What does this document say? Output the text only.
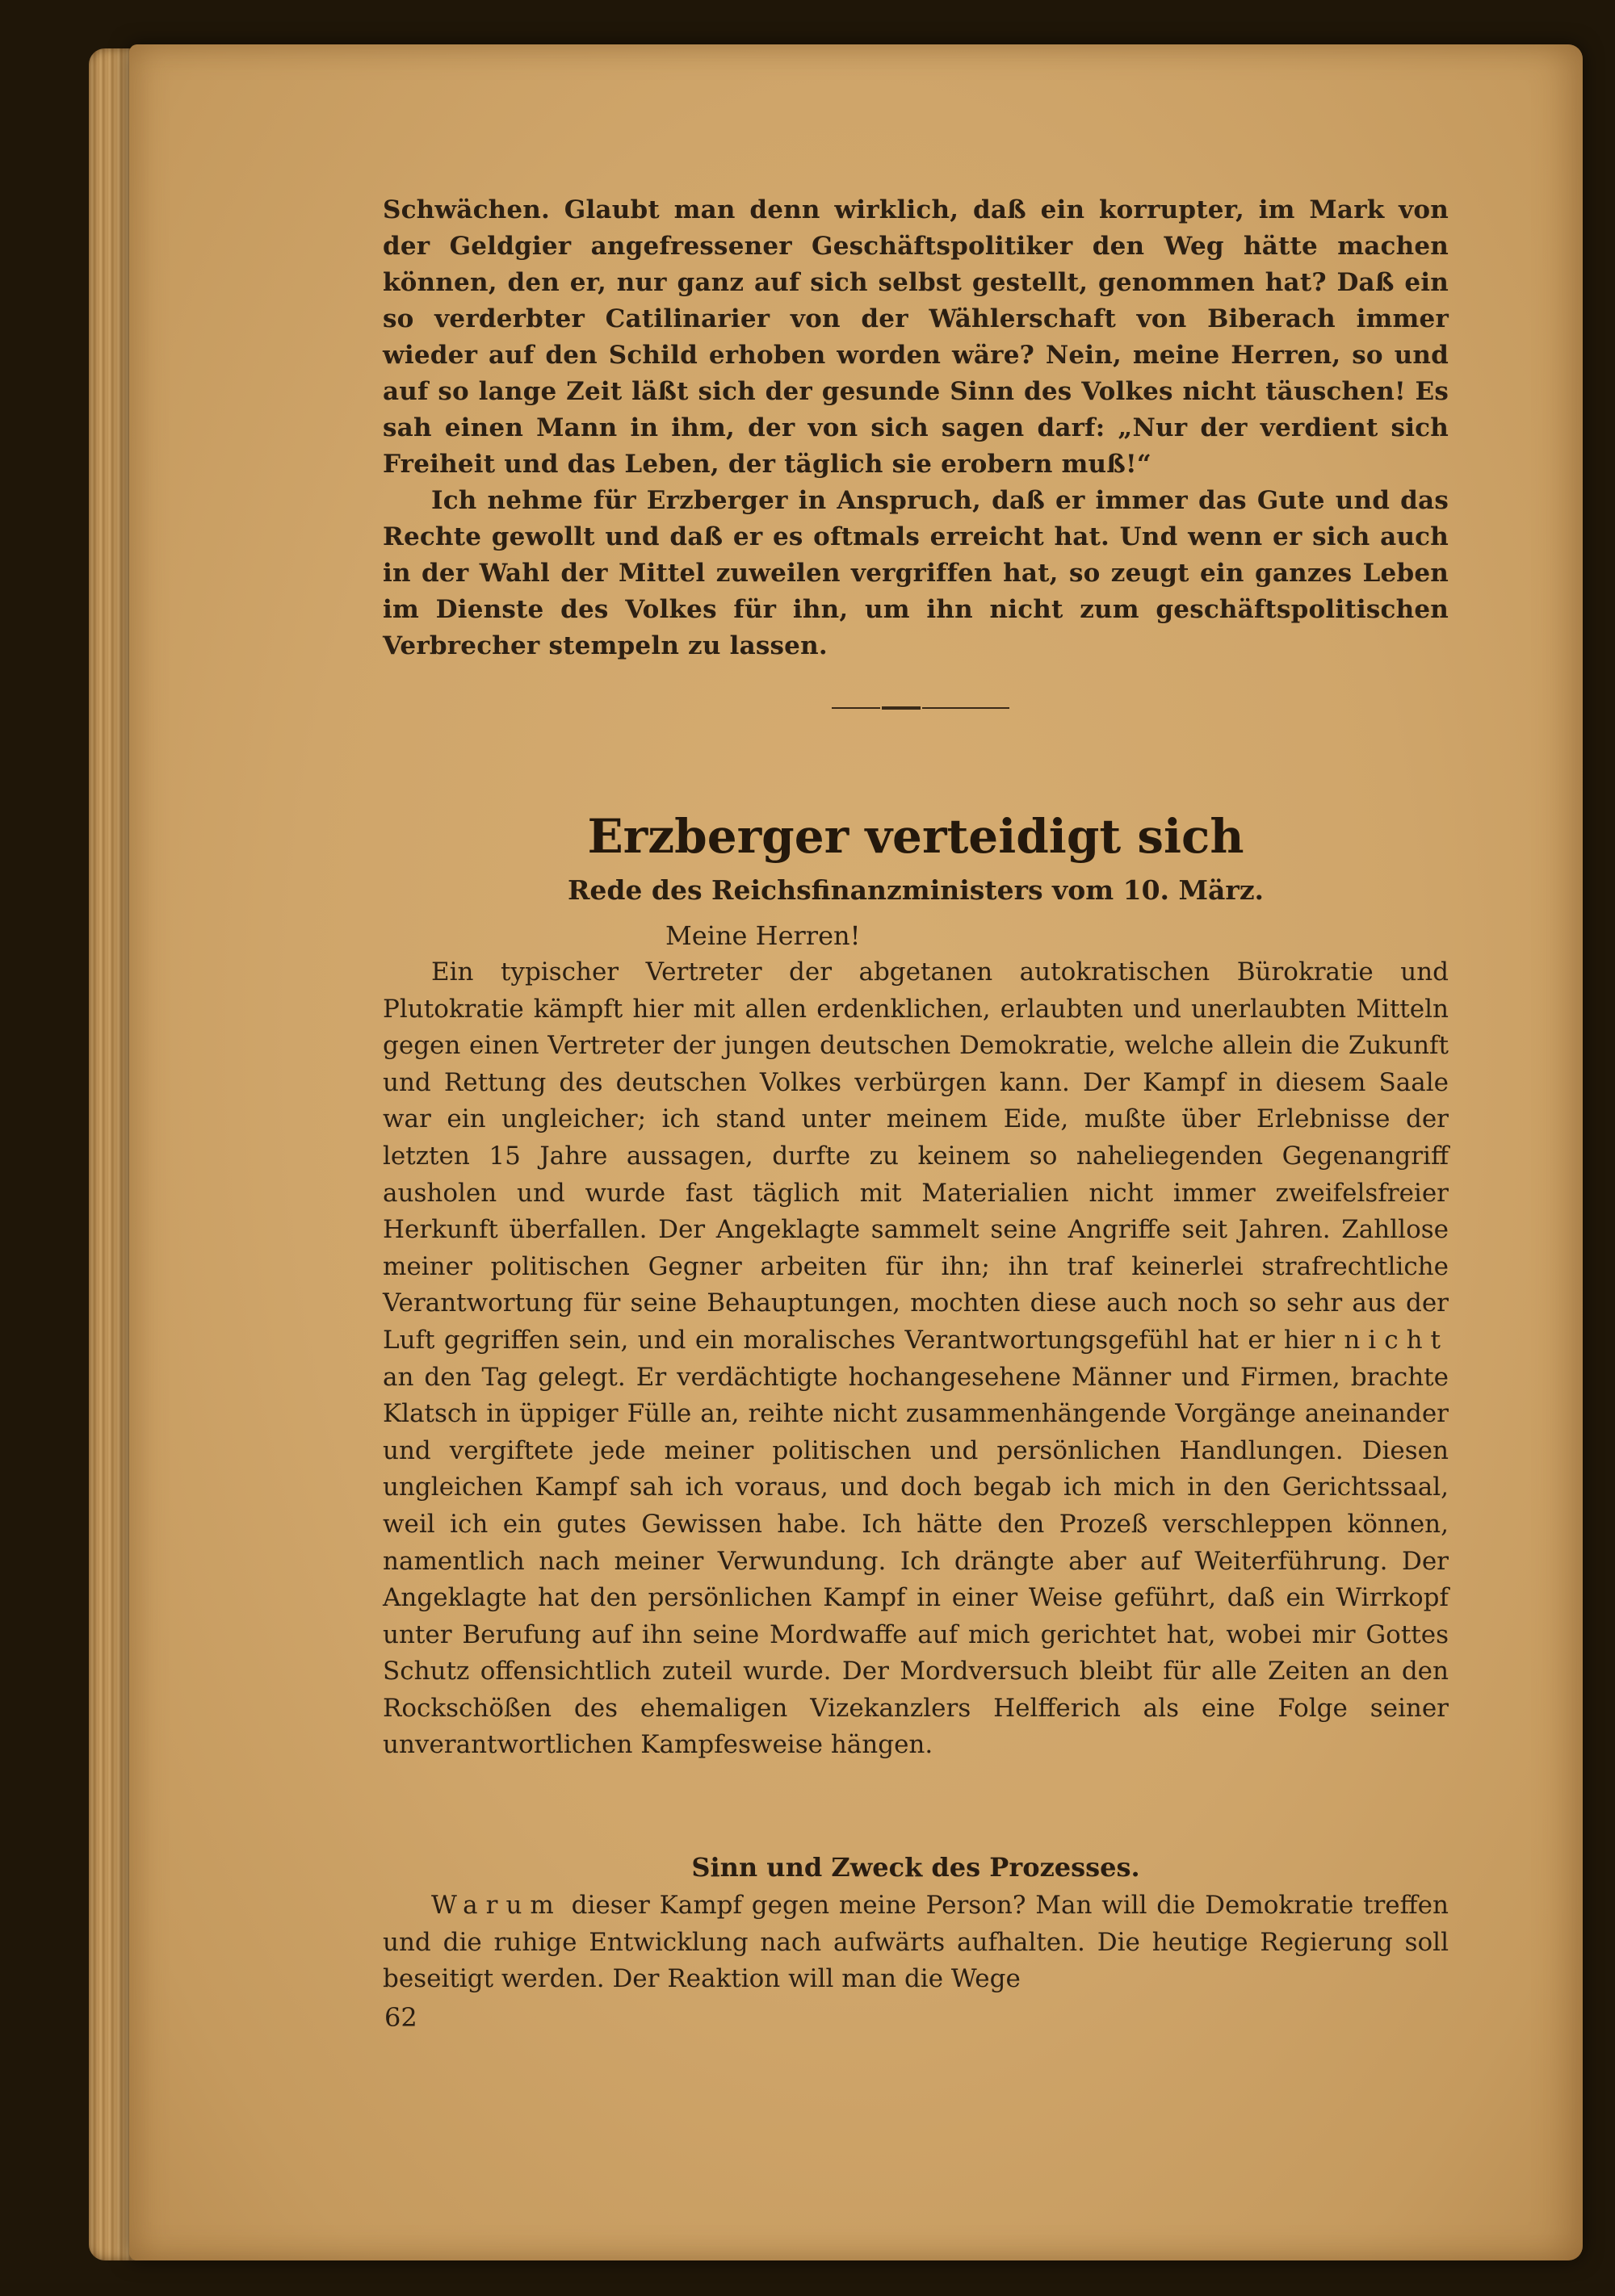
Schwächen. Glaubt man denn wirklich, daß ein korrupter, im Mark von der Geldgier angefressener Geschäftspolitiker den Weg hätte machen können, den er, nur ganz auf sich selbst gestellt, genommen hat? Daß ein so verderbter Catilinarier von der Wählerschaft von Biberach immer wieder auf den Schild erhoben worden wäre? Nein, meine Herren, so und auf so lange Zeit läßt sich der gesunde Sinn des Volkes nicht täuschen! Es sah einen Mann in ihm, der von sich sagen darf: „Nur der verdient sich Freiheit und das Leben, der täglich sie erobern muß!“

Ich nehme für Erzberger in Anspruch, daß er immer das Gute und das Rechte gewollt und daß er es oftmals erreicht hat. Und wenn er sich auch in der Wahl der Mittel zuweilen vergriffen hat, so zeugt ein ganzes Leben im Dienste des Volkes für ihn, um ihn nicht zum geschäftspolitischen Verbrecher stempeln zu lassen.

Erzberger verteidigt sich
Rede des Reichsfinanzministers vom 10. März.
Meine Herren!

Ein typischer Vertreter der abgetanen autokratischen Bürokratie und Plutokratie kämpft hier mit allen erdenklichen, erlaubten und unerlaubten Mitteln gegen einen Vertreter der jungen deutschen Demokratie, welche allein die Zukunft und Rettung des deutschen Volkes verbürgen kann. Der Kampf in diesem Saale war ein ungleicher; ich stand unter meinem Eide, mußte über Erlebnisse der letzten 15 Jahre aussagen, durfte zu keinem so naheliegenden Gegenangriff ausholen und wurde fast täglich mit Materialien nicht immer zweifelsfreier Herkunft überfallen. Der Angeklagte sammelt seine Angriffe seit Jahren. Zahllose meiner politischen Gegner arbeiten für ihn; ihn traf keinerlei strafrechtliche Verantwortung für seine Behauptungen, mochten diese auch noch so sehr aus der Luft gegriffen sein, und ein moralisches Verantwortungsgefühl hat er hier nicht an den Tag gelegt. Er verdächtigte hochangesehene Männer und Firmen, brachte Klatsch in üppiger Fülle an, reihte nicht zusammenhängende Vorgänge aneinander und vergiftete jede meiner politischen und persönlichen Handlungen. Diesen ungleichen Kampf sah ich voraus, und doch begab ich mich in den Gerichtssaal, weil ich ein gutes Gewissen habe. Ich hätte den Prozeß verschleppen können, namentlich nach meiner Verwundung. Ich drängte aber auf Weiterführung. Der Angeklagte hat den persönlichen Kampf in einer Weise geführt, daß ein Wirrkopf unter Berufung auf ihn seine Mordwaffe auf mich gerichtet hat, wobei mir Gottes Schutz offensichtlich zuteil wurde. Der Mordversuch bleibt für alle Zeiten an den Rockschößen des ehemaligen Vizekanzlers Helfferich als eine Folge seiner unverantwortlichen Kampfesweise hängen.

Sinn und Zweck des Prozesses.

Warum dieser Kampf gegen meine Person? Man will die Demokratie treffen und die ruhige Entwicklung nach aufwärts aufhalten. Die heutige Regierung soll beseitigt werden. Der Reaktion will man die Wege

62
